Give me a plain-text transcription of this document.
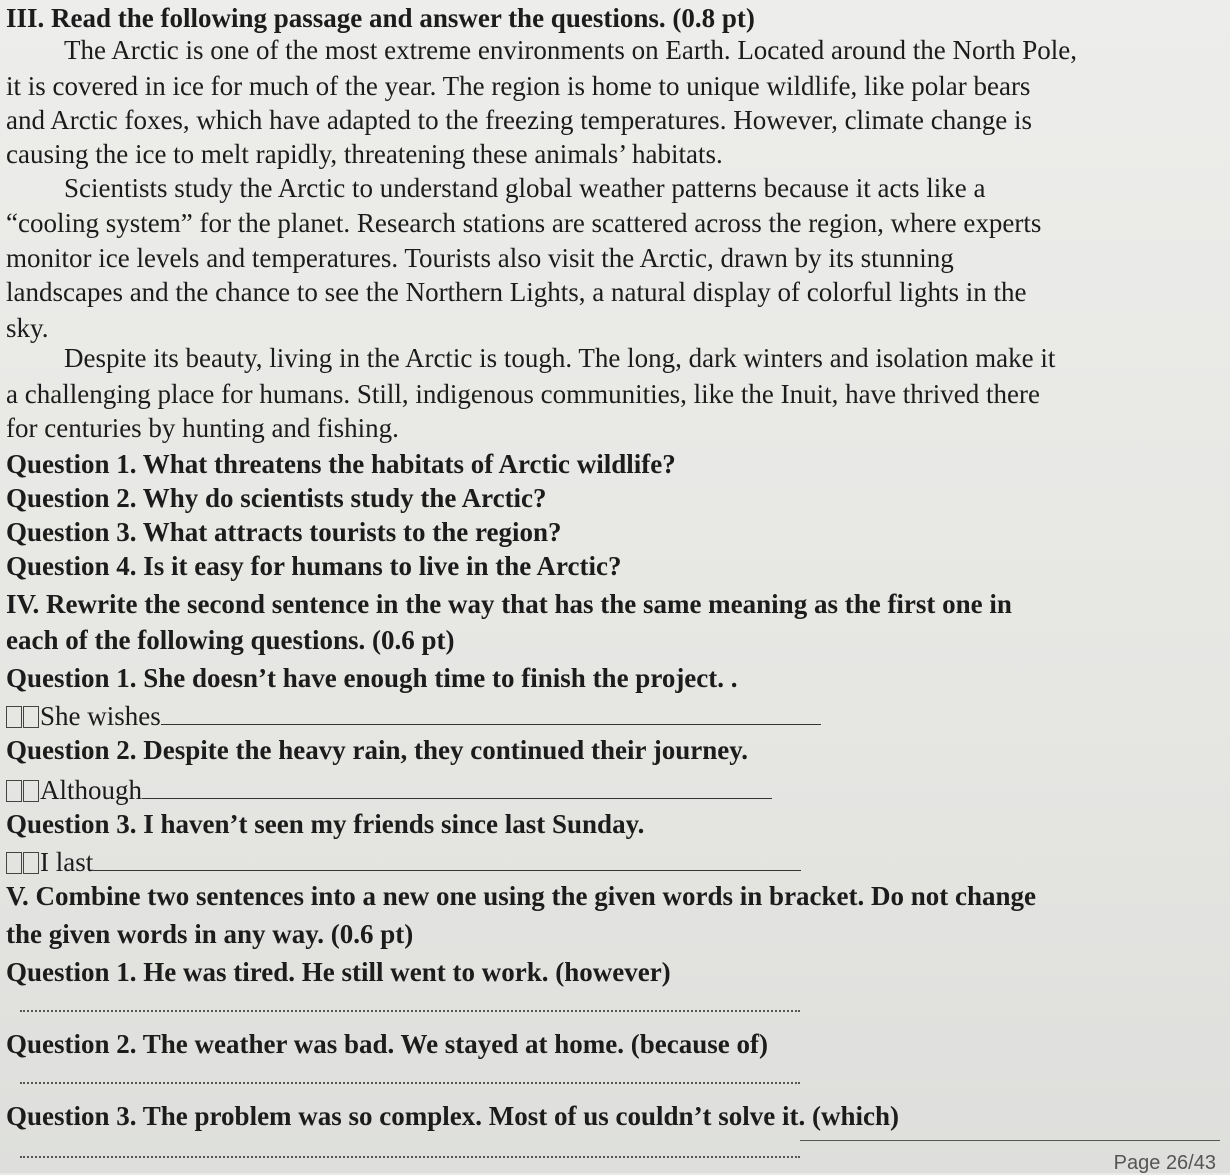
III. Read the following passage and answer the questions. (0.8 pt)
The Arctic is one of the most extreme environments on Earth. Located around the North Pole,
it is covered in ice for much of the year. The region is home to unique wildlife, like polar bears
and Arctic foxes, which have adapted to the freezing temperatures. However, climate change is
causing the ice to melt rapidly, threatening these animals’ habitats.
Scientists study the Arctic to understand global weather patterns because it acts like a
“cooling system” for the planet. Research stations are scattered across the region, where experts
monitor ice levels and temperatures. Tourists also visit the Arctic, drawn by its stunning
landscapes and the chance to see the Northern Lights, a natural display of colorful lights in the
sky.
Despite its beauty, living in the Arctic is tough. The long, dark winters and isolation make it
a challenging place for humans. Still, indigenous communities, like the Inuit, have thrived there
for centuries by hunting and fishing.
Question 1. What threatens the habitats of Arctic wildlife?
Question 2. Why do scientists study the Arctic?
Question 3. What attracts tourists to the region?
Question 4. Is it easy for humans to live in the Arctic?
IV. Rewrite the second sentence in the way that has the same meaning as the first one in
each of the following questions. (0.6 pt)
Question 1. She doesn’t have enough time to finish the project. .
She wishes
Question 2. Despite the heavy rain, they continued their journey.
Although
Question 3. I haven’t seen my friends since last Sunday.
I last
V. Combine two sentences into a new one using the given words in bracket. Do not change
the given words in any way. (0.6 pt)
Question 1. He was tired. He still went to work. (however)
Question 2. The weather was bad. We stayed at home. (because of)
Question 3. The problem was so complex. Most of us couldn’t solve it. (which)
Page 26/43
